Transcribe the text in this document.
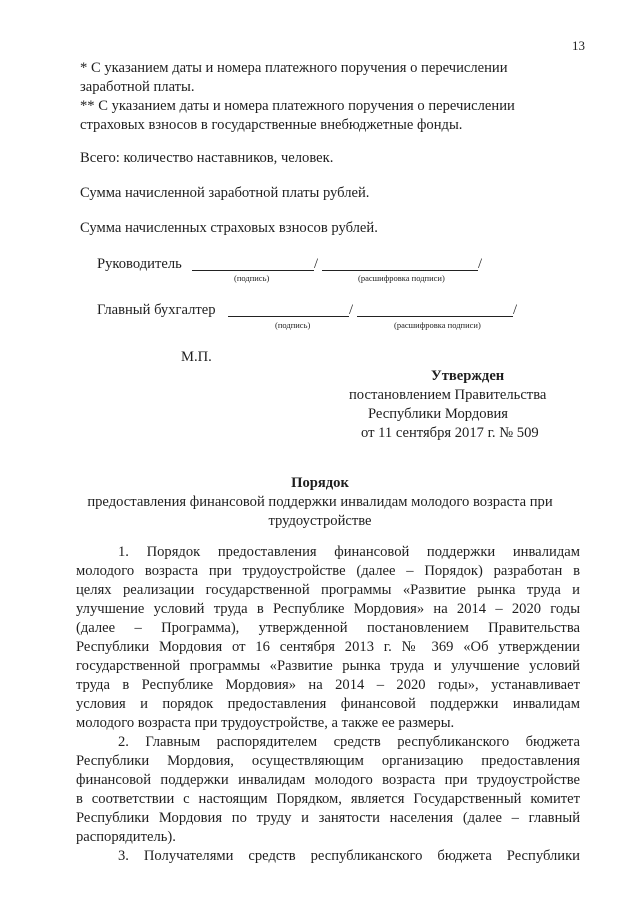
13
* С указанием даты и номера платежного поручения о перечислении
заработной платы.
** С указанием даты и номера платежного поручения о перечислении
страховых взносов в государственные внебюджетные фонды.
Всего: количество наставников, человек.
Сумма начисленной заработной платы рублей.
Сумма начисленных страховых взносов рублей.
Руководитель	/	/
(подпись)	(расшифровка подписи)
Главный бухгалтер	/	/
(подпись)	(расшифровка подписи)
М.П.
Утвержден
постановлением Правительства
Республики Мордовия
от 11 сентября 2017 г. № 509
Порядок
предоставления финансовой поддержки инвалидам молодого возраста при
трудоустройстве
1. Порядок предоставления финансовой поддержки инвалидам
молодого возраста при трудоустройстве (далее – Порядок) разработан в
целях реализации государственной программы «Развитие рынка труда и
улучшение условий труда в Республике Мордовия» на 2014 – 2020 годы
(далее – Программа), утвержденной постановлением Правительства
Республики Мордовия от 16 сентября 2013 г. № 369 «Об утверждении
государственной программы «Развитие рынка труда и улучшение условий
труда в Республике Мордовия» на 2014 – 2020 годы», устанавливает
условия и порядок предоставления финансовой поддержки инвалидам
молодого возраста при трудоустройстве, а также ее размеры.
2. Главным распорядителем средств республиканского бюджета
Республики Мордовия, осуществляющим организацию предоставления
финансовой поддержки инвалидам молодого возраста при трудоустройстве
в соответствии с настоящим Порядком, является Государственный комитет
Республики Мордовия по труду и занятости населения (далее – главный
распорядитель).
3. Получателями средств республиканского бюджета Республики
